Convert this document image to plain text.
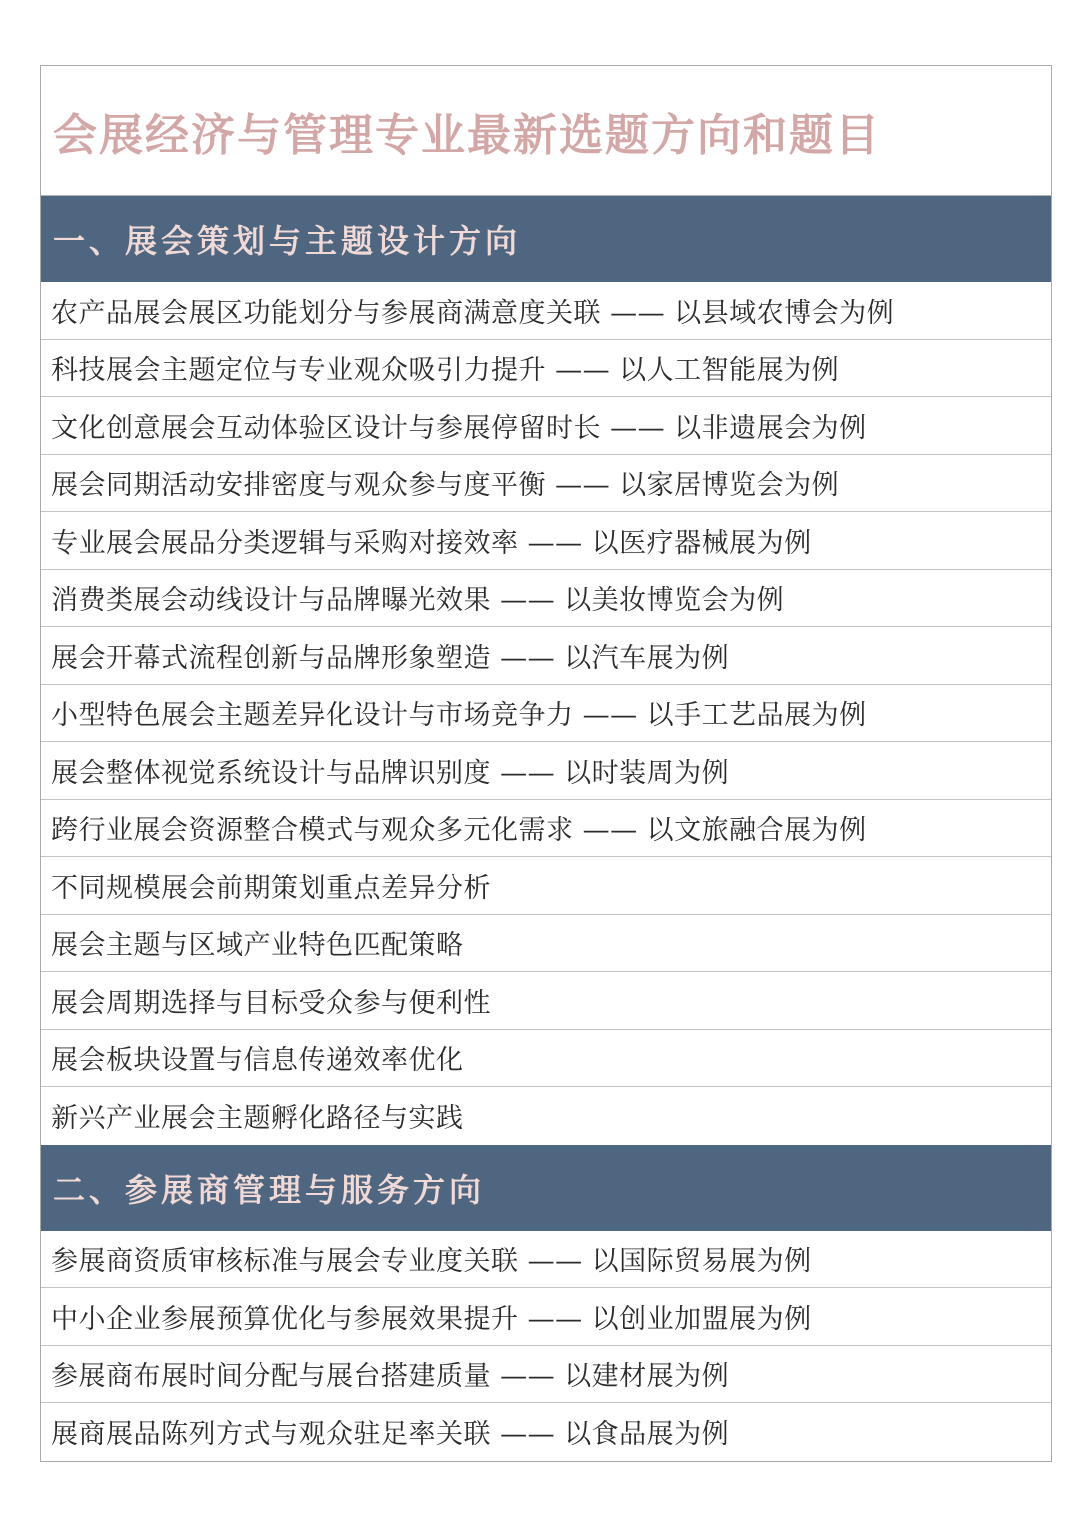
会展经济与管理专业最新选题方向和题目
一、展会策划与主题设计方向
农产品展会展区功能划分与参展商满意度关联 —— 以县域农博会为例
科技展会主题定位与专业观众吸引力提升 —— 以人工智能展为例
文化创意展会互动体验区设计与参展停留时长 —— 以非遗展会为例
展会同期活动安排密度与观众参与度平衡 —— 以家居博览会为例
专业展会展品分类逻辑与采购对接效率 —— 以医疗器械展为例
消费类展会动线设计与品牌曝光效果 —— 以美妆博览会为例
展会开幕式流程创新与品牌形象塑造 —— 以汽车展为例
小型特色展会主题差异化设计与市场竞争力 —— 以手工艺品展为例
展会整体视觉系统设计与品牌识别度 —— 以时装周为例
跨行业展会资源整合模式与观众多元化需求 —— 以文旅融合展为例
不同规模展会前期策划重点差异分析
展会主题与区域产业特色匹配策略
展会周期选择与目标受众参与便利性
展会板块设置与信息传递效率优化
新兴产业展会主题孵化路径与实践
二、参展商管理与服务方向
参展商资质审核标准与展会专业度关联 —— 以国际贸易展为例
中小企业参展预算优化与参展效果提升 —— 以创业加盟展为例
参展商布展时间分配与展台搭建质量 —— 以建材展为例
展商展品陈列方式与观众驻足率关联 —— 以食品展为例
